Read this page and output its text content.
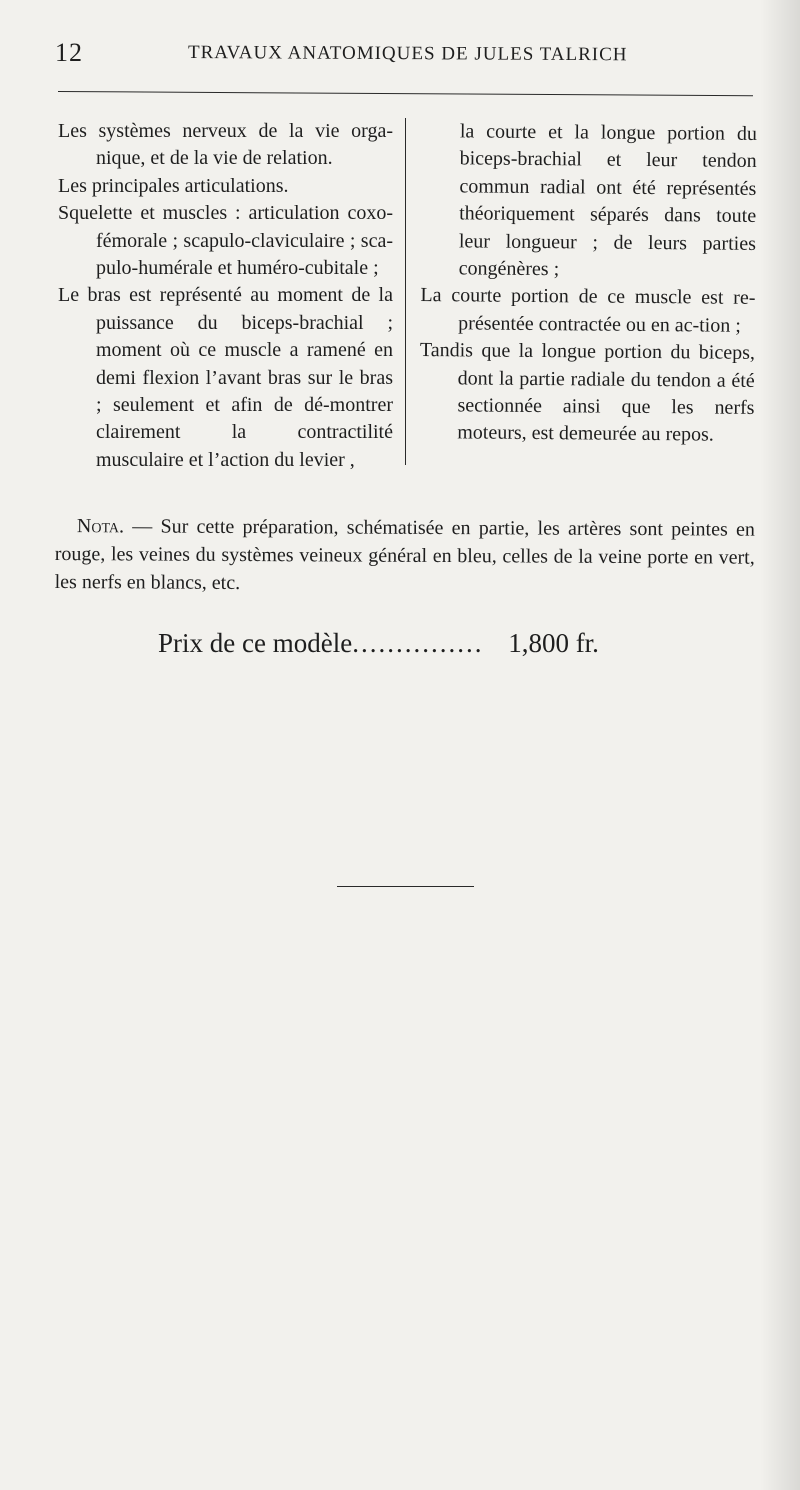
12	TRAVAUX ANATOMIQUES DE JULES TALRICH

Les systèmes nerveux de la vie orga-nique, et de la vie de relation.

Les principales articulations.

Squelette et muscles : articulation coxo-fémorale ; scapulo-claviculaire ; sca-pulo-humérale et huméro-cubitale ;

Le bras est représenté au moment de la puissance du biceps-brachial ; moment où ce muscle a ramené en demi flexion l’avant bras sur le bras ; seulement et afin de dé-montrer clairement la contractilité musculaire et l’action du levier ,

la courte et la longue portion du biceps-brachial et leur tendon commun radial ont été représentés théoriquement séparés dans toute leur longueur ; de leurs parties congénères ;

La courte portion de ce muscle est re-présentée contractée ou en ac-tion ;

Tandis que la longue portion du biceps, dont la partie radiale du tendon a été sectionnée ainsi que les nerfs moteurs, est demeurée au repos.

Nota. — Sur cette préparation, schématisée en partie, les artères sont peintes en rouge, les veines du systèmes veineux général en bleu, celles de la veine porte en vert, les nerfs en blancs, etc.
Prix de ce modèle............... 1,800 fr.
